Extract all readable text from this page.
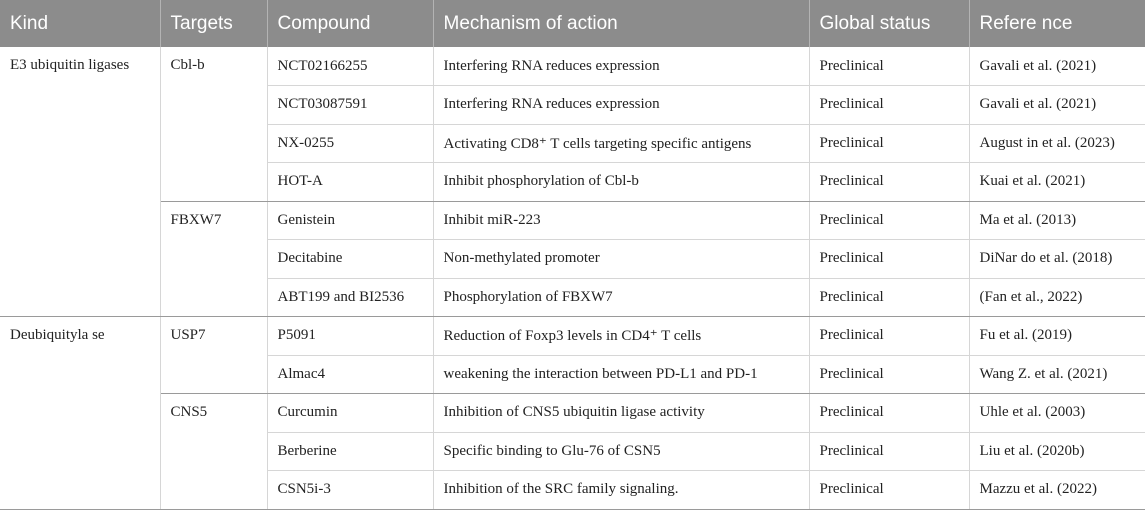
Kind	Targets	Compound	Mechanism of action	Global status	Refere nce
E3 ubiquitin ligases	Cbl-b	NCT02166255	Interfering RNA reduces expression	Preclinical	Gavali et al. (2021)
		NCT03087591	Interfering RNA reduces expression	Preclinical	Gavali et al. (2021)
		NX-0255	Activating CD8⁺ T cells targeting specific antigens	Preclinical	August in et al. (2023)
		HOT-A	Inhibit phosphorylation of Cbl-b	Preclinical	Kuai et al. (2021)
	FBXW7	Genistein	Inhibit miR-223	Preclinical	Ma et al. (2013)
		Decitabine	Non-methylated promoter	Preclinical	DiNar do et al. (2018)
		ABT199 and BI2536	Phosphorylation of FBXW7	Preclinical	(Fan et al., 2022)
Deubiquityla se	USP7	P5091	Reduction of Foxp3 levels in CD4⁺ T cells	Preclinical	Fu et al. (2019)
		Almac4	weakening the interaction between PD-L1 and PD-1	Preclinical	Wang Z. et al. (2021)
	CNS5	Curcumin	Inhibition of CNS5 ubiquitin ligase activity	Preclinical	Uhle et al. (2003)
		Berberine	Specific binding to Glu-76 of CSN5	Preclinical	Liu et al. (2020b)
		CSN5i-3	Inhibition of the SRC family signaling.	Preclinical	Mazzu et al. (2022)
